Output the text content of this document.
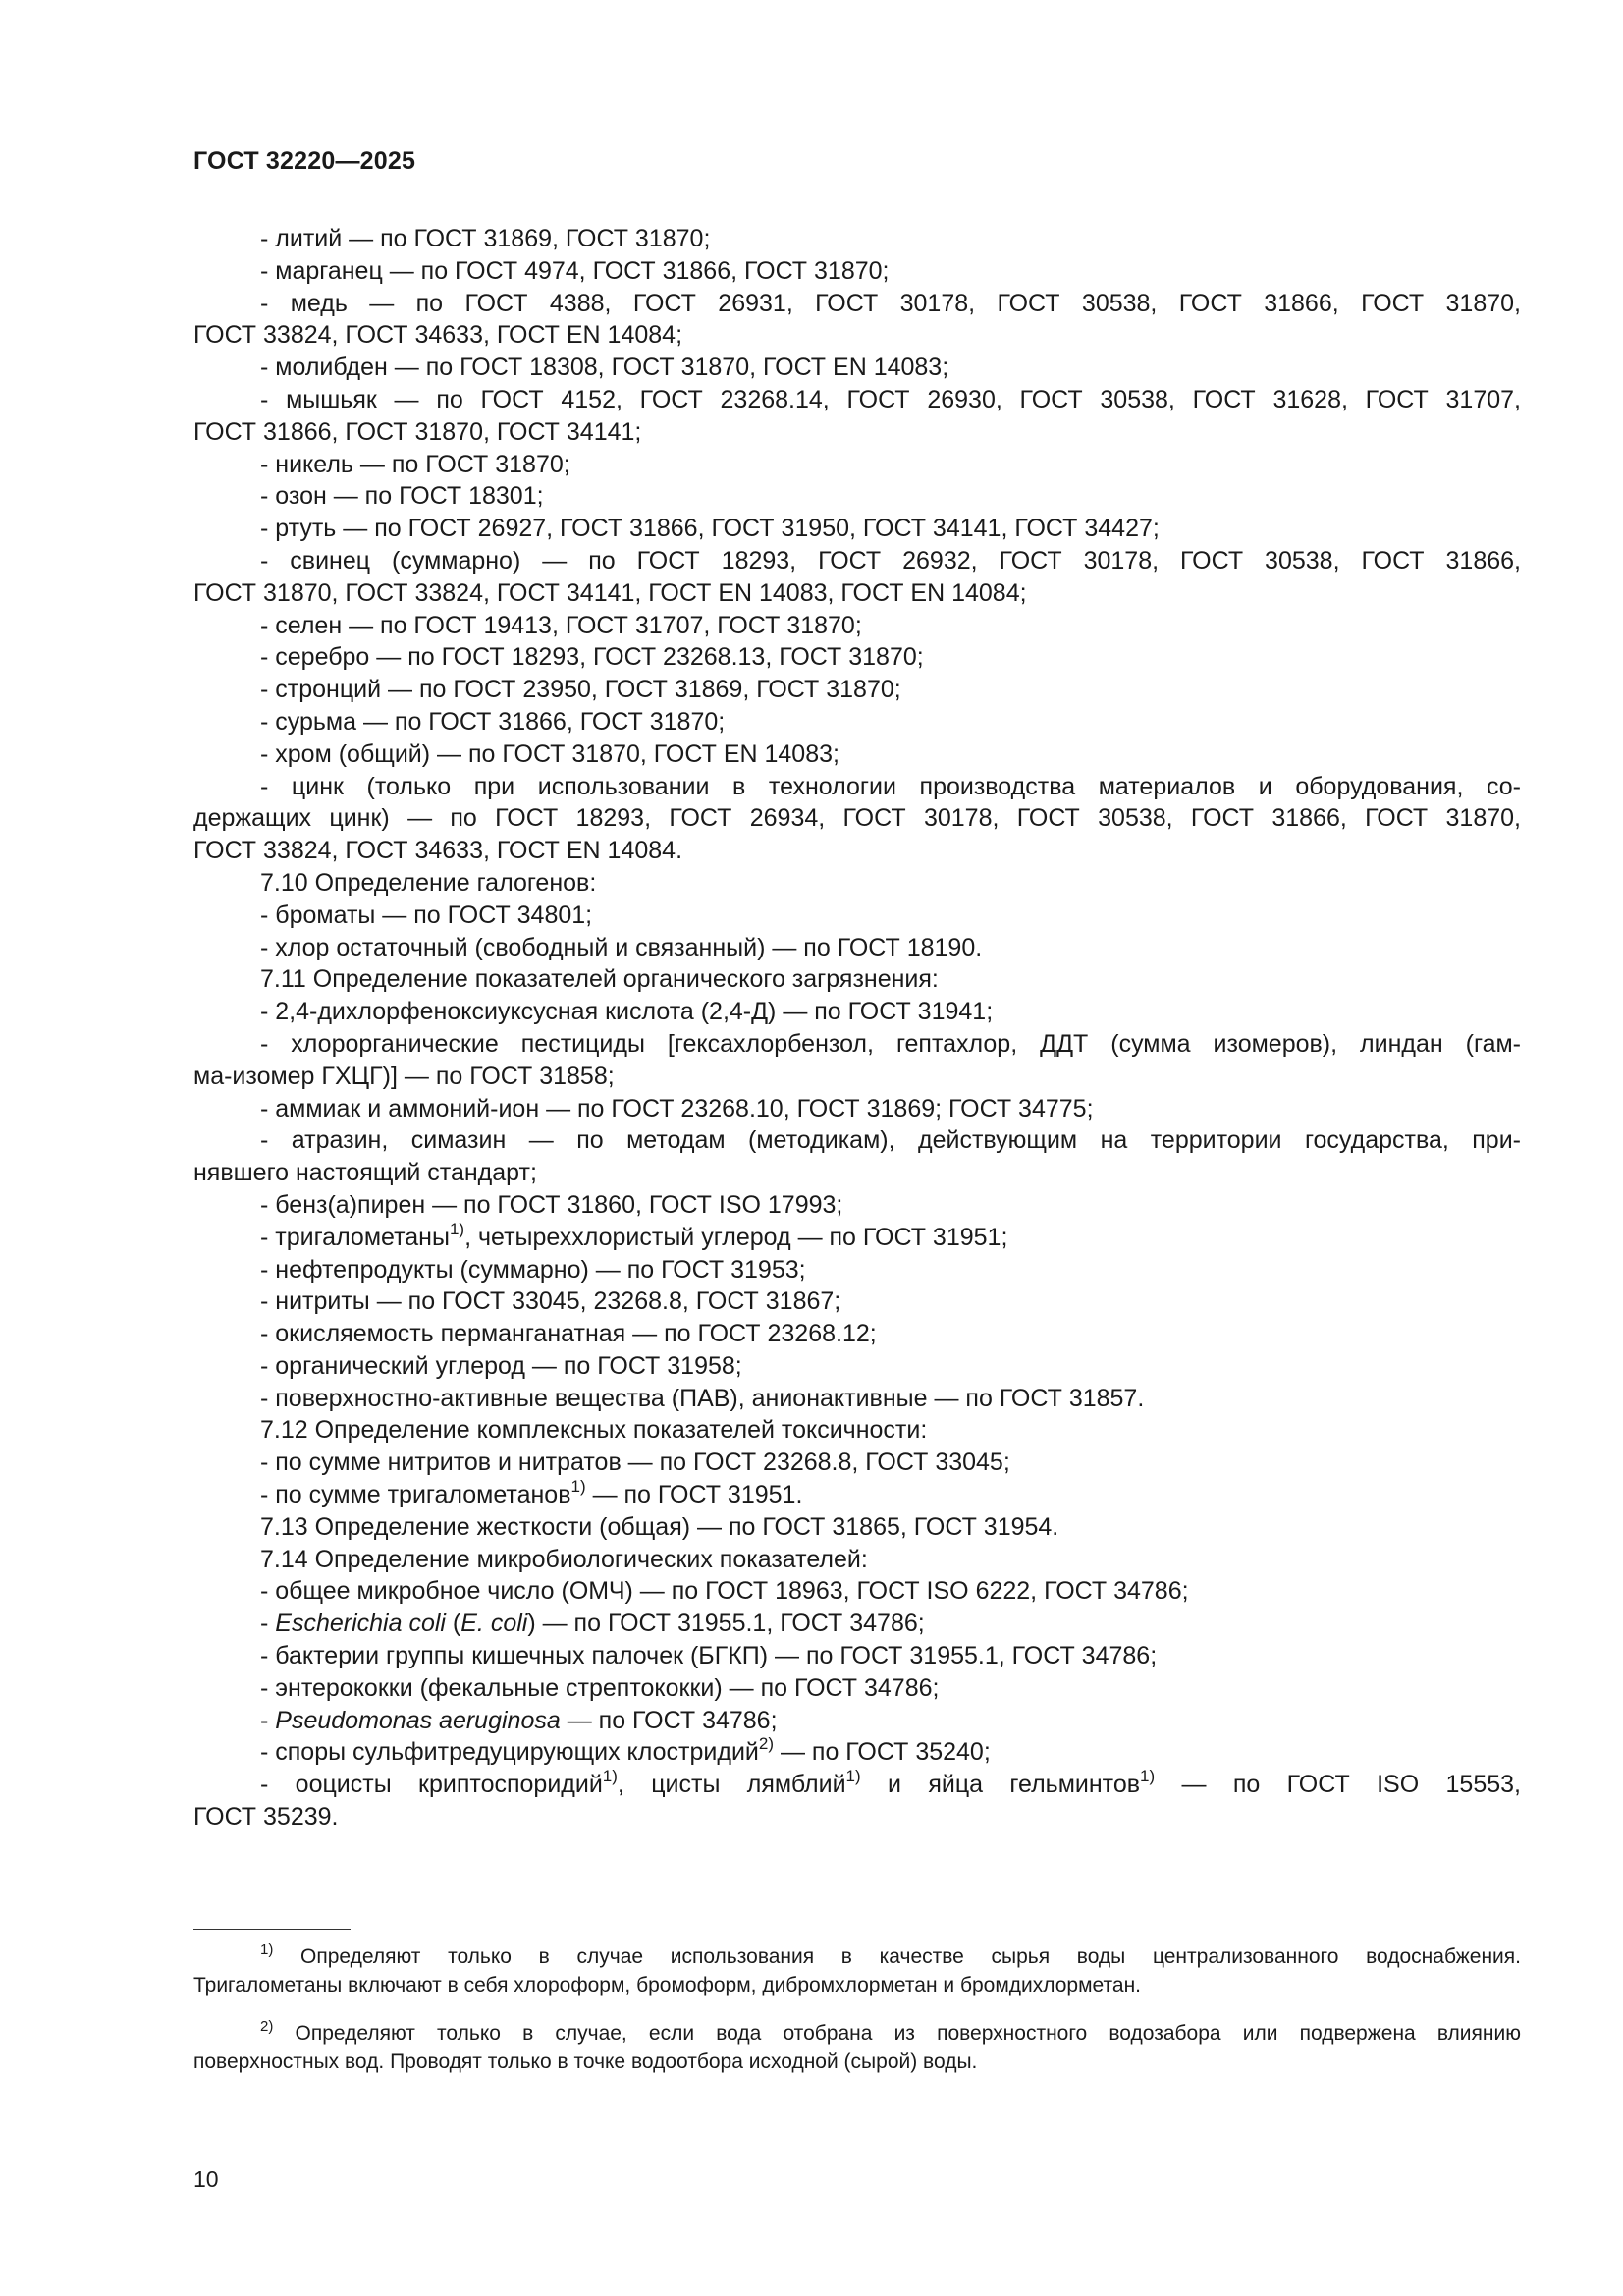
ГОСТ 32220—2025
- литий — по ГОСТ 31869, ГОСТ 31870;
- марганец — по ГОСТ 4974, ГОСТ 31866, ГОСТ 31870;
- медь — по ГОСТ 4388, ГОСТ 26931, ГОСТ 30178, ГОСТ 30538, ГОСТ 31866, ГОСТ 31870,
ГОСТ 33824, ГОСТ 34633, ГОСТ EN 14084;
- молибден — по ГОСТ 18308, ГОСТ 31870, ГОСТ EN 14083;
- мышьяк — по ГОСТ 4152, ГОСТ 23268.14, ГОСТ 26930, ГОСТ 30538, ГОСТ 31628, ГОСТ 31707,
ГОСТ 31866, ГОСТ 31870, ГОСТ 34141;
- никель — по ГОСТ 31870;
- озон — по ГОСТ 18301;
- ртуть — по ГОСТ 26927, ГОСТ 31866, ГОСТ 31950, ГОСТ 34141, ГОСТ 34427;
- свинец (суммарно) — по ГОСТ 18293, ГОСТ 26932, ГОСТ 30178, ГОСТ 30538, ГОСТ 31866,
ГОСТ 31870, ГОСТ 33824, ГОСТ 34141, ГОСТ EN 14083, ГОСТ EN 14084;
- селен — по ГОСТ 19413, ГОСТ 31707, ГОСТ 31870;
- серебро — по ГОСТ 18293, ГОСТ 23268.13, ГОСТ 31870;
- стронций — по ГОСТ 23950, ГОСТ 31869, ГОСТ 31870;
- сурьма — по ГОСТ 31866, ГОСТ 31870;
- хром (общий) — по ГОСТ 31870, ГОСТ EN 14083;
- цинк (только при использовании в технологии производства материалов и оборудования, со-
держащих цинк) — по ГОСТ 18293, ГОСТ 26934, ГОСТ 30178, ГОСТ 30538, ГОСТ 31866, ГОСТ 31870,
ГОСТ 33824, ГОСТ 34633, ГОСТ EN 14084.
7.10 Определение галогенов:
- броматы — по ГОСТ 34801;
- хлор остаточный (свободный и связанный) — по ГОСТ 18190.
7.11 Определение показателей органического загрязнения:
- 2,4-дихлорфеноксиуксусная кислота (2,4-Д) — по ГОСТ 31941;
- хлорорганические пестициды [гексахлорбензол, гептахлор, ДДТ (сумма изомеров), линдан (гам-
ма-изомер ГХЦГ)] — по ГОСТ 31858;
- аммиак и аммоний-ион — по ГОСТ 23268.10, ГОСТ 31869; ГОСТ 34775;
- атразин, симазин — по методам (методикам), действующим на территории государства, при-
нявшего настоящий стандарт;
- бенз(а)пирен — по ГОСТ 31860, ГОСТ ISO 17993;
- тригалометаны$^{1)}$, четыреххлористый углерод — по ГОСТ 31951;
- нефтепродукты (суммарно) — по ГОСТ 31953;
- нитриты — по ГОСТ 33045, 23268.8, ГОСТ 31867;
- окисляемость перманганатная — по ГОСТ 23268.12;
- органический углерод — по ГОСТ 31958;
- поверхностно-активные вещества (ПАВ), анионактивные — по ГОСТ 31857.
7.12 Определение комплексных показателей токсичности:
- по сумме нитритов и нитратов — по ГОСТ 23268.8, ГОСТ 33045;
- по сумме тригалометанов$^{1)}$ — по ГОСТ 31951.
7.13 Определение жесткости (общая) — по ГОСТ 31865, ГОСТ 31954.
7.14 Определение микробиологических показателей:
- общее микробное число (ОМЧ) — по ГОСТ 18963, ГОСТ ISO 6222, ГОСТ 34786;
- Escherichia coli (E. coli) — по ГОСТ 31955.1, ГОСТ 34786;
- бактерии группы кишечных палочек (БГКП) — по ГОСТ 31955.1, ГОСТ 34786;
- энтерококки (фекальные стрептококки) — по ГОСТ 34786;
- Pseudomonas aeruginosa — по ГОСТ 34786;
- споры сульфитредуцирующих клостридий$^{2)}$ — по ГОСТ 35240;
- ооцисты криптоспоридий$^{1)}$, цисты лямблий$^{1)}$ и яйца гельминтов$^{1)}$ — по ГОСТ ISO 15553,
ГОСТ 35239.
$^{1)}$ Определяют только в случае использования в качестве сырья воды централизованного водоснабжения.
Тригалометаны включают в себя хлороформ, бромоформ, дибромхлорметан и бромдихлорметан.
$^{2)}$ Определяют только в случае, если вода отобрана из поверхностного водозабора или подвержена влиянию
поверхностных вод. Проводят только в точке водоотбора исходной (сырой) воды.
10
